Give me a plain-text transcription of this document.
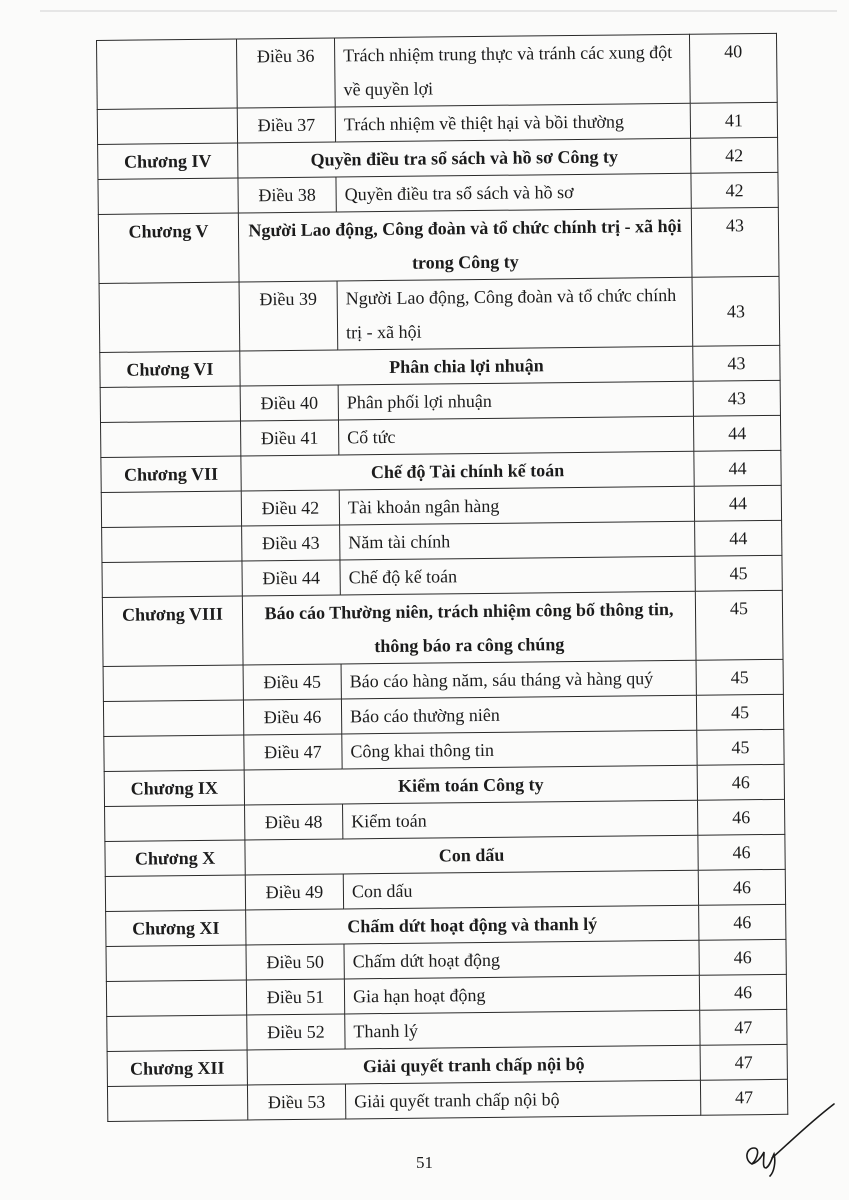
	Điều 36	Trách nhiệm trung thực và tránh các xung đột về quyền lợi	40
	Điều 37	Trách nhiệm về thiệt hại và bồi thường	41
Chương IV	Quyền điều tra sổ sách và hồ sơ Công ty		42
	Điều 38	Quyền điều tra sổ sách và hồ sơ	42
Chương V	Người Lao động, Công đoàn và tổ chức chính trị - xã hội trong Công ty		43
	Điều 39	Người Lao động, Công đoàn và tổ chức chính trị - xã hội	43
Chương VI	Phân chia lợi nhuận		43
	Điều 40	Phân phối lợi nhuận	43
	Điều 41	Cổ tức	44
Chương VII	Chế độ Tài chính kế toán		44
	Điều 42	Tài khoản ngân hàng	44
	Điều 43	Năm tài chính	44
	Điều 44	Chế độ kế toán	45
Chương VIII	Báo cáo Thường niên, trách nhiệm công bố thông tin, thông báo ra công chúng		45
	Điều 45	Báo cáo hàng năm, sáu tháng và hàng quý	45
	Điều 46	Báo cáo thường niên	45
	Điều 47	Công khai thông tin	45
Chương IX	Kiểm toán Công ty		46
	Điều 48	Kiểm toán	46
Chương X	Con dấu		46
	Điều 49	Con dấu	46
Chương XI	Chấm dứt hoạt động và thanh lý		46
	Điều 50	Chấm dứt hoạt động	46
	Điều 51	Gia hạn hoạt động	46
	Điều 52	Thanh lý	47
Chương XII	Giải quyết tranh chấp nội bộ		47
	Điều 53	Giải quyết tranh chấp nội bộ	47
51
